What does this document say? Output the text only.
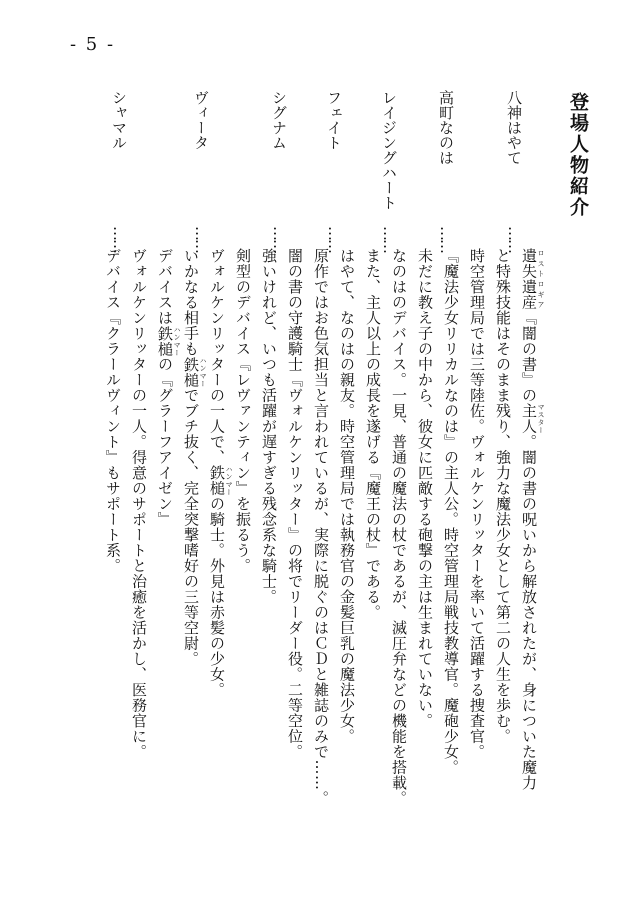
- 5 -
登場人物紹介
八神はやて
……
遺失遺産 ロストロギア『闇の書』の主人 マスター。闇の書の呪いから解放されたが、身についた魔力
と特殊技能はそのまま残り、強力な魔法少女として第二の人生を歩む。
時空管理局では三等陸佐。ヴォルケンリッターを率いて活躍する捜査官。
高町なのは
……
『魔法少女リリカルなのは』の主人公。時空管理局戦技教導官。魔砲少女。
未だに教え子の中から、彼女に匹敵する砲撃の主は生まれていない。
レイジングハート
……
なのはのデバイス。一見、普通の魔法の杖であるが、滅圧弁などの機能を搭載。
また、主人以上の成長を遂げる『魔王の杖』である。
フェイト
……
はやて、なのはの親友。時空管理局では執務官の金髪巨乳の魔法少女。
原作ではお色気担当と言われているが、実際に脱ぐのはＣＤと雑誌のみで……。
シグナム
……
闇の書の守護騎士『ヴォルケンリッター』の将でリーダー役。二等空位。
強いけれど、いつも活躍が遅すぎる残念系な騎士。
剣型のデバイス『レヴァンティン』を振るう。
ヴィータ
……
ヴォルケンリッターの一人で、鉄槌 ハンマーの騎士。外見は赤髪の少女。
いかなる相手も鉄槌 ハンマーでブチ抜く、完全突撃嗜好の三等空尉。
デバイスは鉄槌 ハンマーの『グラーフアイゼン』
シャマル
……
ヴォルケンリッターの一人。得意のサポートと治癒を活かし、医務官に。
デバイス『クラールヴィント』もサポート系。
